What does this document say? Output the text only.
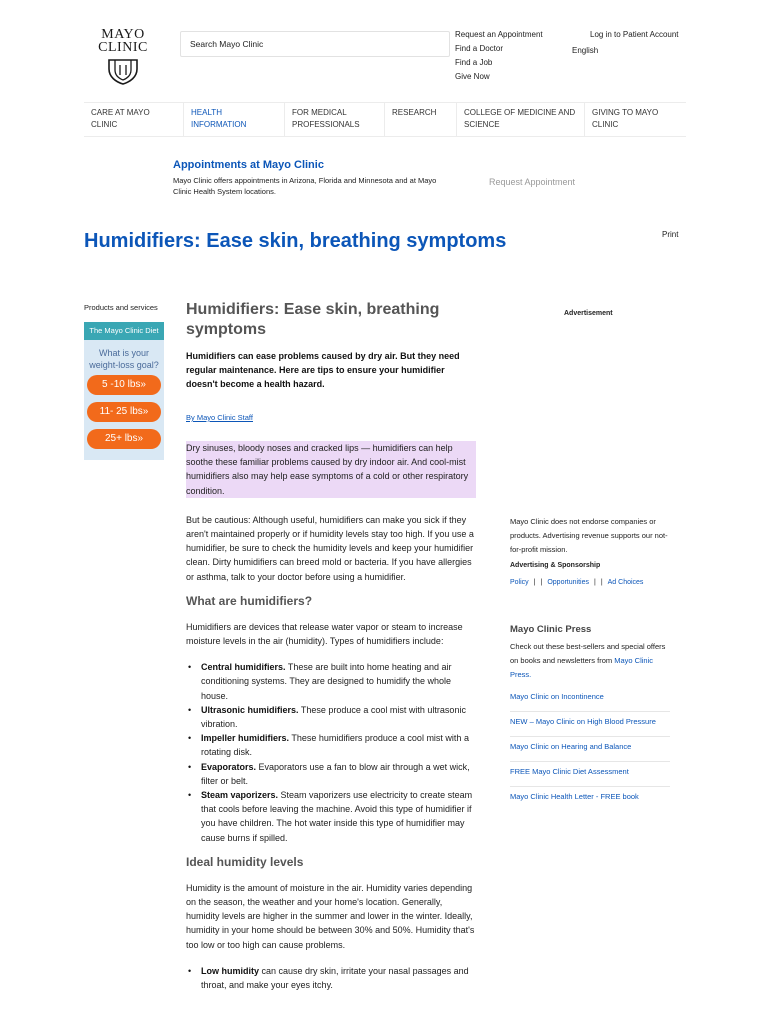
MAYO
CLINIC	Search Mayo Clinic
Request an Appointment
Find a Doctor
Find a Job
Give Now
Log in to Patient Account
English
CARE AT MAYO CLINIC
HEALTH INFORMATION
FOR MEDICAL PROFESSIONALS
RESEARCH	COLLEGE OF MEDICINE AND SCIENCE
GIVING TO MAYO CLINIC
Appointments at Mayo Clinic
Mayo Clinic offers appointments in Arizona, Florida and Minnesota and at Mayo Clinic Health System locations.
Request Appointment
Humidifiers: Ease skin, breathing symptoms	Print
Products and services
The Mayo Clinic Diet
What is your weight-loss goal?
5 -10 lbs»
11- 25 lbs»
25+ lbs»
Humidifiers: Ease skin, breathing symptoms
Humidifiers can ease problems caused by dry air. But they need regular maintenance. Here are tips to ensure your humidifier doesn't become a health hazard.
By Mayo Clinic Staff

Dry sinuses, bloody noses and cracked lips — humidifiers can help soothe these familiar problems caused by dry indoor air. And cool-mist humidifiers also may help ease symptoms of a cold or other respiratory condition.

But be cautious: Although useful, humidifiers can make you sick if they aren't maintained properly or if humidity levels stay too high. If you use a humidifier, be sure to check the humidity levels and keep your humidifier clean. Dirty humidifiers can breed mold or bacteria. If you have allergies or asthma, talk to your doctor before using a humidifier.

What are humidifiers?

Humidifiers are devices that release water vapor or steam to increase moisture levels in the air (humidity). Types of humidifiers include:

• Central humidifiers. These are built into home heating and air conditioning systems. They are designed to humidify the whole house.
• Ultrasonic humidifiers. These produce a cool mist with ultrasonic vibration.
• Impeller humidifiers. These humidifiers produce a cool mist with a rotating disk.
• Evaporators. Evaporators use a fan to blow air through a wet wick, filter or belt.
• Steam vaporizers. Steam vaporizers use electricity to create steam that cools before leaving the machine. Avoid this type of humidifier if you have children. The hot water inside this type of humidifier may cause burns if spilled.
Ideal humidity levels

Humidity is the amount of moisture in the air. Humidity varies depending on the season, the weather and your home's location. Generally, humidity levels are higher in the summer and lower in the winter. Ideally, humidity in your home should be between 30% and 50%. Humidity that's too low or too high can cause problems.

• Low humidity can cause dry skin, irritate your nasal passages and throat, and make your eyes itchy.
Advertisement
Mayo Clinic does not endorse companies or products. Advertising revenue supports our not-for-profit mission.
Advertising & Sponsorship
Policy | | Opportunities | | Ad Choices
Mayo Clinic Press
Check out these best-sellers and special offers on books and newsletters from Mayo Clinic Press.
Mayo Clinic on Incontinence
NEW – Mayo Clinic on High Blood Pressure
Mayo Clinic on Hearing and Balance
FREE Mayo Clinic Diet Assessment
Mayo Clinic Health Letter - FREE book
